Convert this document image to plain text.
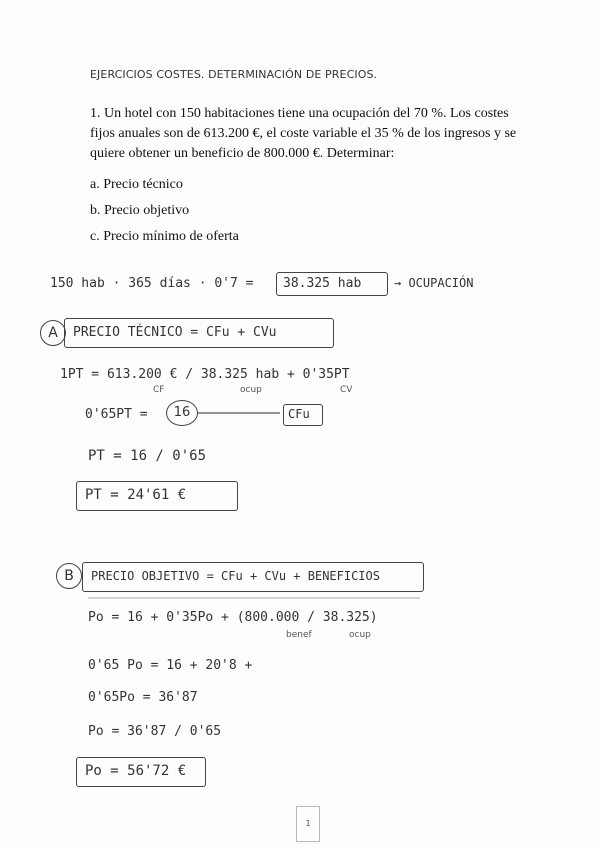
EJERCICIOS COSTES. DETERMINACIÓN DE PRECIOS.
1. Un hotel con 150 habitaciones tiene una ocupación del 70 %. Los costes fijos anuales son de 613.200 €, el coste variable el 35 % de los ingresos y se quiere obtener un beneficio de 800.000 €. Determinar:
a. Precio técnico
b. Precio objetivo
c. Precio mínimo de oferta
150 hab · 365 días · 0'7 = 38.325 hab	→ OCUPACIÓN
A	PRECIO TÉCNICO = CFu + CVu
1PT = 613.200 € / 38.325 hab + 0'35PT
CF	ocup	CV
0'65PT =	16	CFu
PT = 16 / 0'65
PT = 24'61 €
B	PRECIO OBJETIVO = CFu + CVu + BENEFICIOS
Po = 16 + 0'35Po + (800.000 / 38.325)
benef	ocup
0'65 Po = 16 + 20'8 +
0'65Po = 36'87
Po = 36'87 / 0'65
Po = 56'72 €
1
